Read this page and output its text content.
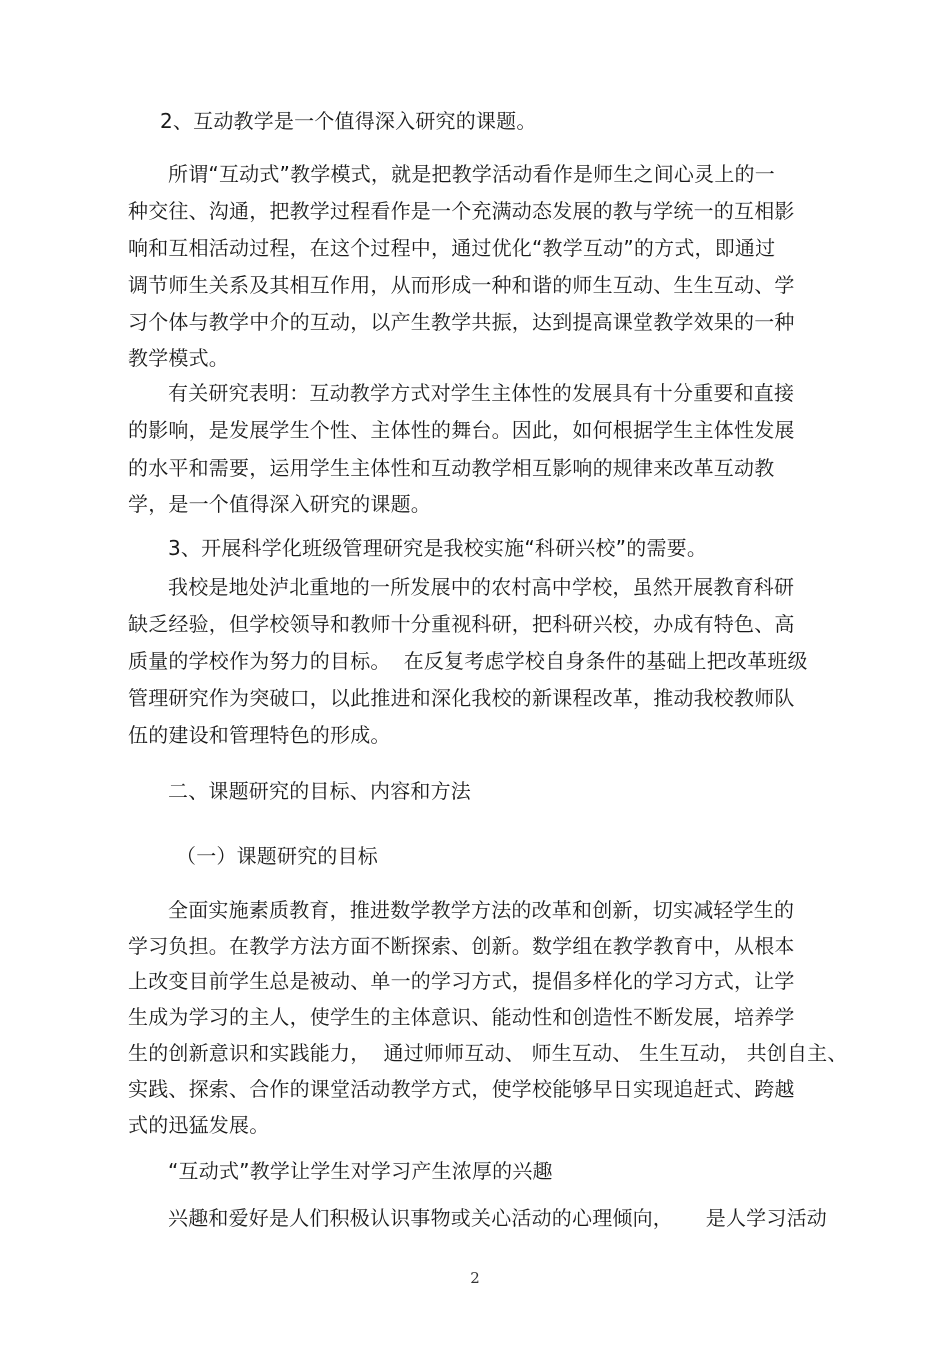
2、互动教学是一个值得深入研究的课题。
所谓“互动式”教学模式，就是把教学活动看作是师生之间心灵上的一
种交往、沟通，把教学过程看作是一个充满动态发展的教与学统一的互相影
响和互相活动过程，在这个过程中，通过优化“教学互动”的方式，即通过
调节师生关系及其相互作用，从而形成一种和谐的师生互动、生生互动、学
习个体与教学中介的互动，以产生教学共振，达到提高课堂教学效果的一种
教学模式。
有关研究表明：互动教学方式对学生主体性的发展具有十分重要和直接
的影响，是发展学生个性、主体性的舞台。因此，如何根据学生主体性发展
的水平和需要，运用学生主体性和互动教学相互影响的规律来改革互动教
学，是一个值得深入研究的课题。
3、开展科学化班级管理研究是我校实施“科研兴校”的需要。
我校是地处泸北重地的一所发展中的农村高中学校，虽然开展教育科研
缺乏经验，但学校领导和教师十分重视科研，把科研兴校，办成有特色、高
质量的学校作为努力的目标。  在反复考虑学校自身条件的基础上把改革班级
管理研究作为突破口，以此推进和深化我校的新课程改革，推动我校教师队
伍的建设和管理特色的形成。
二、课题研究的目标、内容和方法
（一）课题研究的目标
全面实施素质教育，推进数学教学方法的改革和创新，切实减轻学生的
学习负担。在教学方法方面不断探索、创新。数学组在教学教育中，从根本
上改变目前学生总是被动、单一的学习方式，提倡多样化的学习方式，让学
生成为学习的主人，使学生的主体意识、能动性和创造性不断发展，培养学
生的创新意识和实践能力，  通过师师互动、 师生互动、 生生互动， 共创自主、
实践、探索、合作的课堂活动教学方式，使学校能够早日实现追赶式、跨越
式的迅猛发展。
“互动式”教学让学生对学习产生浓厚的兴趣
兴趣和爱好是人们积极认识事物或关心活动的心理倾向，     是人学习活动
2
